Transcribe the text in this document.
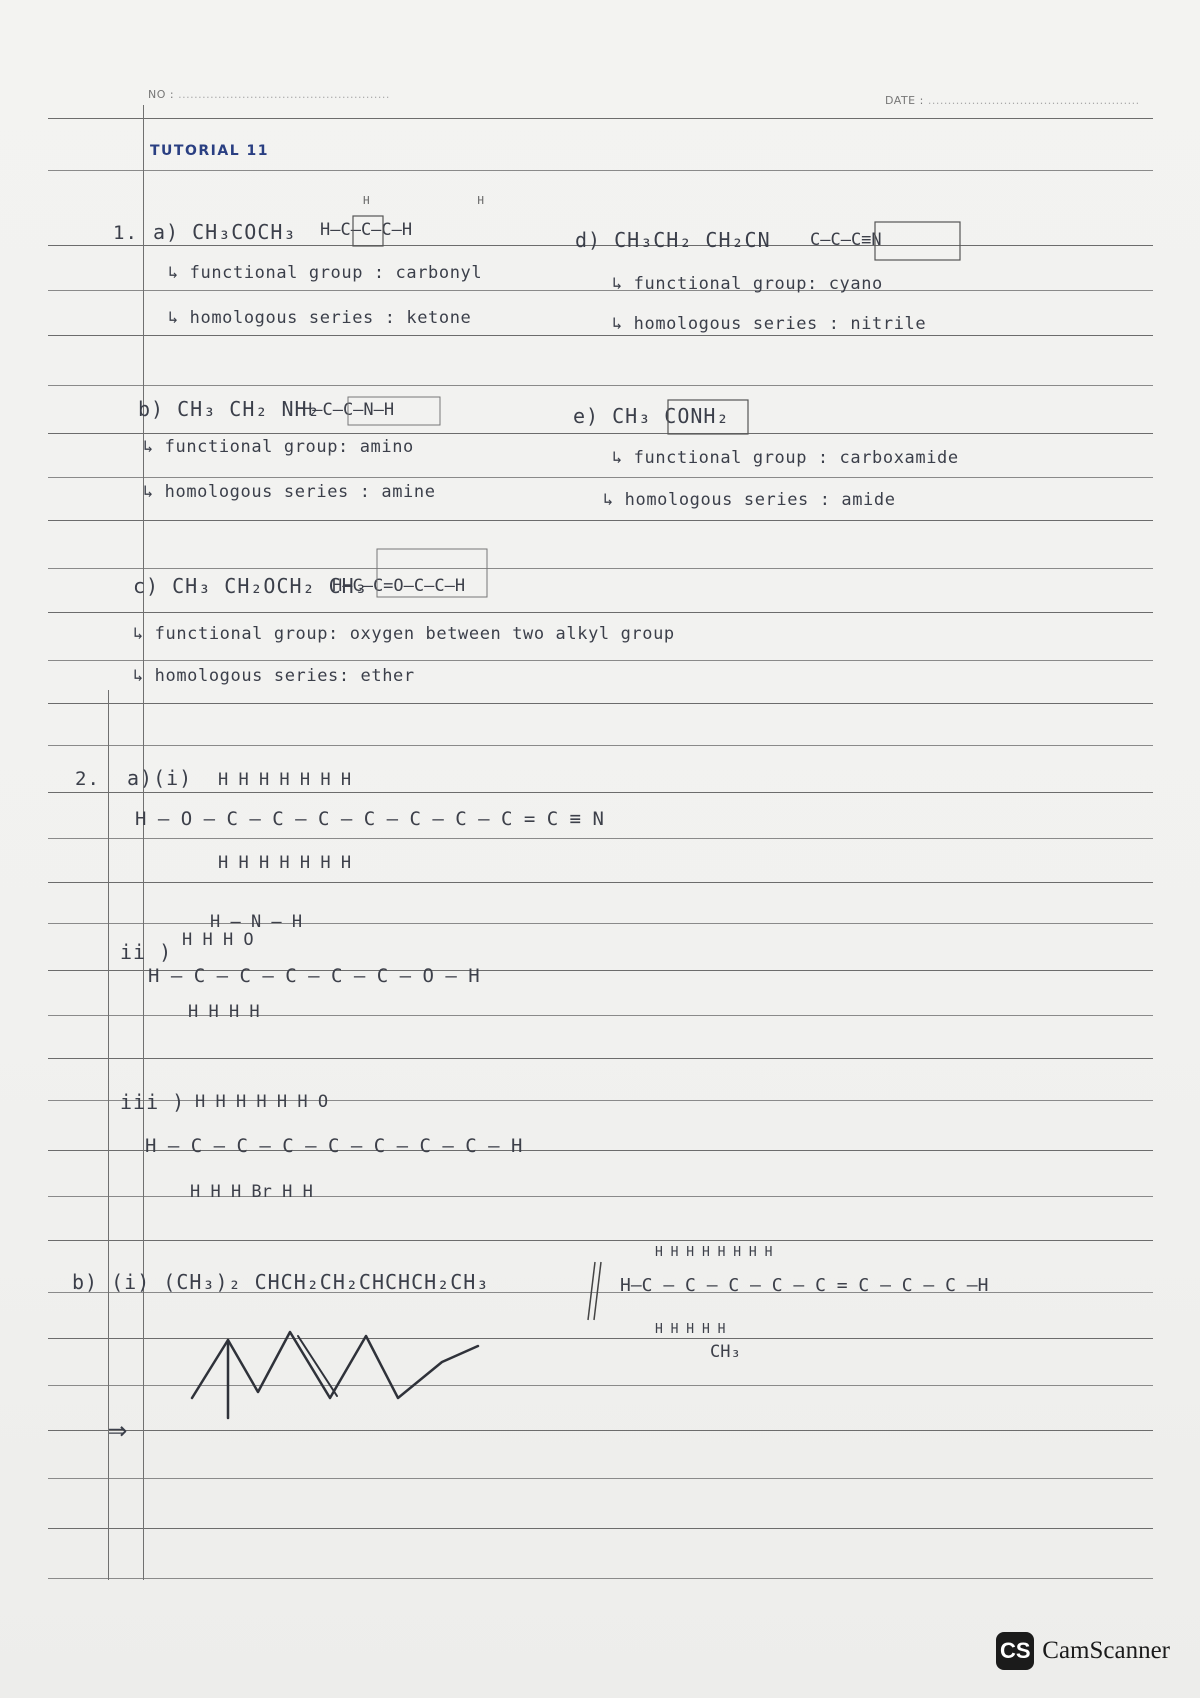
NO : .....................................................	DATE : .....................................................
TUTORIAL 11
1. a) CH₃COCH₃ H–C–C–C–H
H              H
↳ functional group : carbonyl
↳ homologous series : ketone
d) CH₃CH₂ CH₂CN C–C–C≡N
↳ functional group: cyano
↳ homologous series : nitrile
b) CH₃ CH₂ NH₂
H–C–C–N–H
↳ functional group: amino
↳ homologous series : amine
e) CH₃ CONH₂
↳ functional group : carboxamide
↳ homologous series : amide
c) CH₃ CH₂OCH₂ CH₃
H–C–C=O–C–C–H
↳ functional group: oxygen between two alkyl group
↳ homologous series: ether
2. a)(i) H H H H H H H
H – O – C – C – C – C – C – C – C = C ≡ N
H H H H H H H
H – N – H
ii ) H H H O
H – C – C – C – C – C – O – H
H H H H
iii ) H H H H H H O
H – C – C – C – C – C – C – C – H
H H H Br H H
b) (i) (CH₃)₂ CHCH₂CH₂CHCHCH₂CH₃
H H H H H H H H
H–C – C – C – C – C = C – C – C –H
H H H H H
CH₃
⇒
CS CamScanner
